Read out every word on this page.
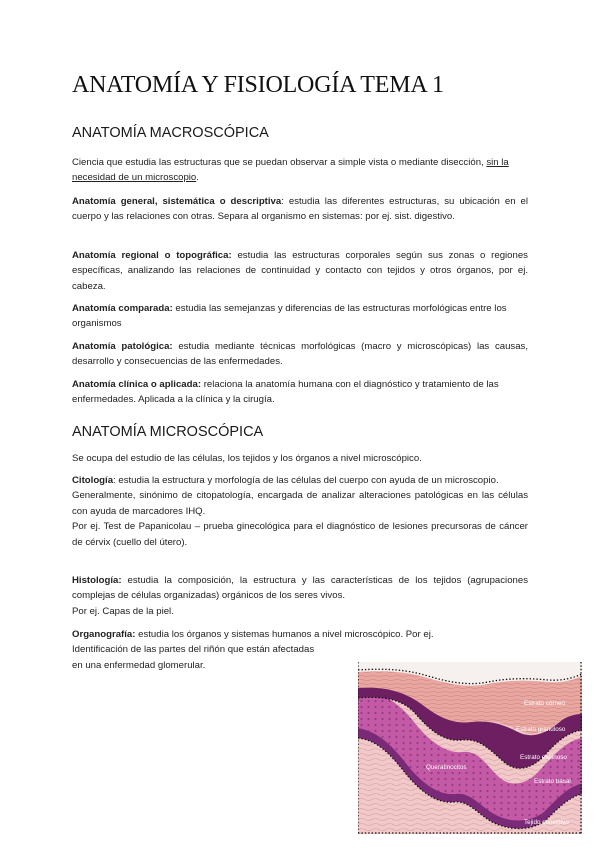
ANATOMÍA Y FISIOLOGÍA TEMA 1
ANATOMÍA MACROSCÓPICA

Ciencia que estudia las estructuras que se puedan observar a simple vista o mediante disección, sin la necesidad de un microscopio.

Anatomía general, sistemática o descriptiva: estudia las diferentes estructuras, su ubicación en el cuerpo y las relaciones con otras. Separa al organismo en sistemas: por ej. sist. digestivo.

Anatomía regional o topográfica: estudia las estructuras corporales según sus zonas o regiones específicas, analizando las relaciones de continuidad y contacto con tejidos y otros órganos, por ej. cabeza.

Anatomía comparada: estudia las semejanzas y diferencias de las estructuras morfológicas entre los organismos

Anatomía patológica: estudia mediante técnicas morfológicas (macro y microscópicas) las causas, desarrollo y consecuencias de las enfermedades.

Anatomía clínica o aplicada: relaciona la anatomía humana con el diagnóstico y tratamiento de las enfermedades. Aplicada a la clínica y la cirugía.

ANATOMÍA MICROSCÓPICA

Se ocupa del estudio de las células, los tejidos y los órganos a nivel microscópico.

Citología: estudia la estructura y morfología de las células del cuerpo con ayuda de un microscopio.
Generalmente, sinónimo de citopatología, encargada de analizar alteraciones patológicas en las células con ayuda de marcadores IHQ.
Por ej. Test de Papanicolau – prueba ginecológica para el diagnóstico de lesiones precursoras de cáncer de cérvix (cuello del útero).
Histología: estudia la composición, la estructura y las características de los tejidos (agrupaciones complejas de células organizadas) orgánicos de los seres vivos.
Por ej. Capas de la piel.
Organografía: estudia los órganos y sistemas humanos a nivel microscópico. Por ej.
Identificación de las partes del riñón que están afectadas
en una enfermedad glomerular.
Estrato córneo
Estrato granuloso
Estrato espinoso
Estrato basal
Tejido conectivo
Queratinocitos
